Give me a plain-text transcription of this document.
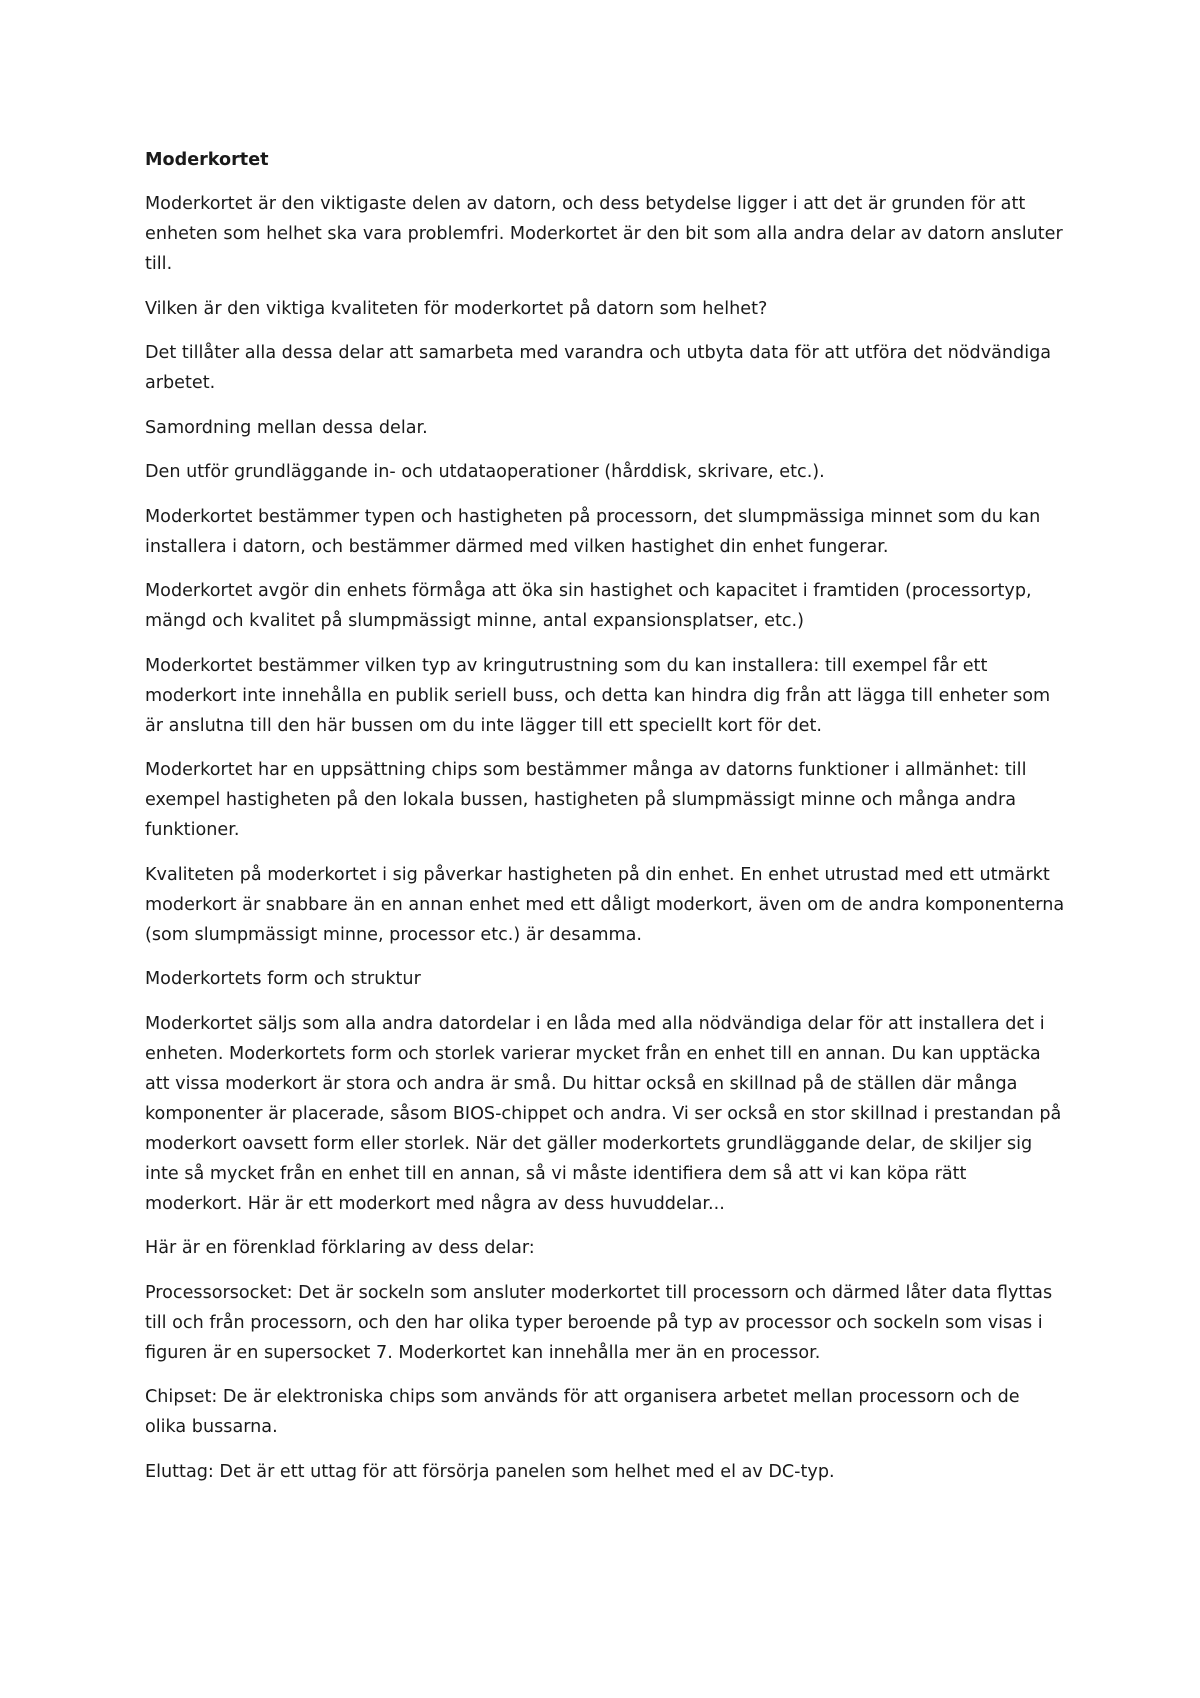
Moderkortet

Moderkortet är den viktigaste delen av datorn, och dess betydelse ligger i att det är grunden för att enheten som helhet ska vara problemfri. Moderkortet är den bit som alla andra delar av datorn ansluter till.

Vilken är den viktiga kvaliteten för moderkortet på datorn som helhet?

Det tillåter alla dessa delar att samarbeta med varandra och utbyta data för att utföra det nödvändiga arbetet.

Samordning mellan dessa delar.

Den utför grundläggande in- och utdataoperationer (hårddisk, skrivare, etc.).

Moderkortet bestämmer typen och hastigheten på processorn, det slumpmässiga minnet som du kan installera i datorn, och bestämmer därmed med vilken hastighet din enhet fungerar.

Moderkortet avgör din enhets förmåga att öka sin hastighet och kapacitet i framtiden (processortyp, mängd och kvalitet på slumpmässigt minne, antal expansionsplatser, etc.)

Moderkortet bestämmer vilken typ av kringutrustning som du kan installera: till exempel får ett moderkort inte innehålla en publik seriell buss, och detta kan hindra dig från att lägga till enheter som är anslutna till den här bussen om du inte lägger till ett speciellt kort för det.

Moderkortet har en uppsättning chips som bestämmer många av datorns funktioner i allmänhet: till exempel hastigheten på den lokala bussen, hastigheten på slumpmässigt minne och många andra funktioner.

Kvaliteten på moderkortet i sig påverkar hastigheten på din enhet. En enhet utrustad med ett utmärkt moderkort är snabbare än en annan enhet med ett dåligt moderkort, även om de andra komponenterna (som slumpmässigt minne, processor etc.) är desamma.

Moderkortets form och struktur

Moderkortet säljs som alla andra datordelar i en låda med alla nödvändiga delar för att installera det i enheten. Moderkortets form och storlek varierar mycket från en enhet till en annan. Du kan upptäcka att vissa moderkort är stora och andra är små. Du hittar också en skillnad på de ställen där många komponenter är placerade, såsom BIOS-chippet och andra. Vi ser också en stor skillnad i prestandan på moderkort oavsett form eller storlek. När det gäller moderkortets grundläggande delar, de skiljer sig inte så mycket från en enhet till en annan, så vi måste identifiera dem så att vi kan köpa rätt moderkort. Här är ett moderkort med några av dess huvuddelar...

Här är en förenklad förklaring av dess delar:

Processorsocket: Det är sockeln som ansluter moderkortet till processorn och därmed låter data flyttas till och från processorn, och den har olika typer beroende på typ av processor och sockeln som visas i figuren är en supersocket 7. Moderkortet kan innehålla mer än en processor.

Chipset: De är elektroniska chips som används för att organisera arbetet mellan processorn och de olika bussarna.

Eluttag: Det är ett uttag för att försörja panelen som helhet med el av DC-typ.
